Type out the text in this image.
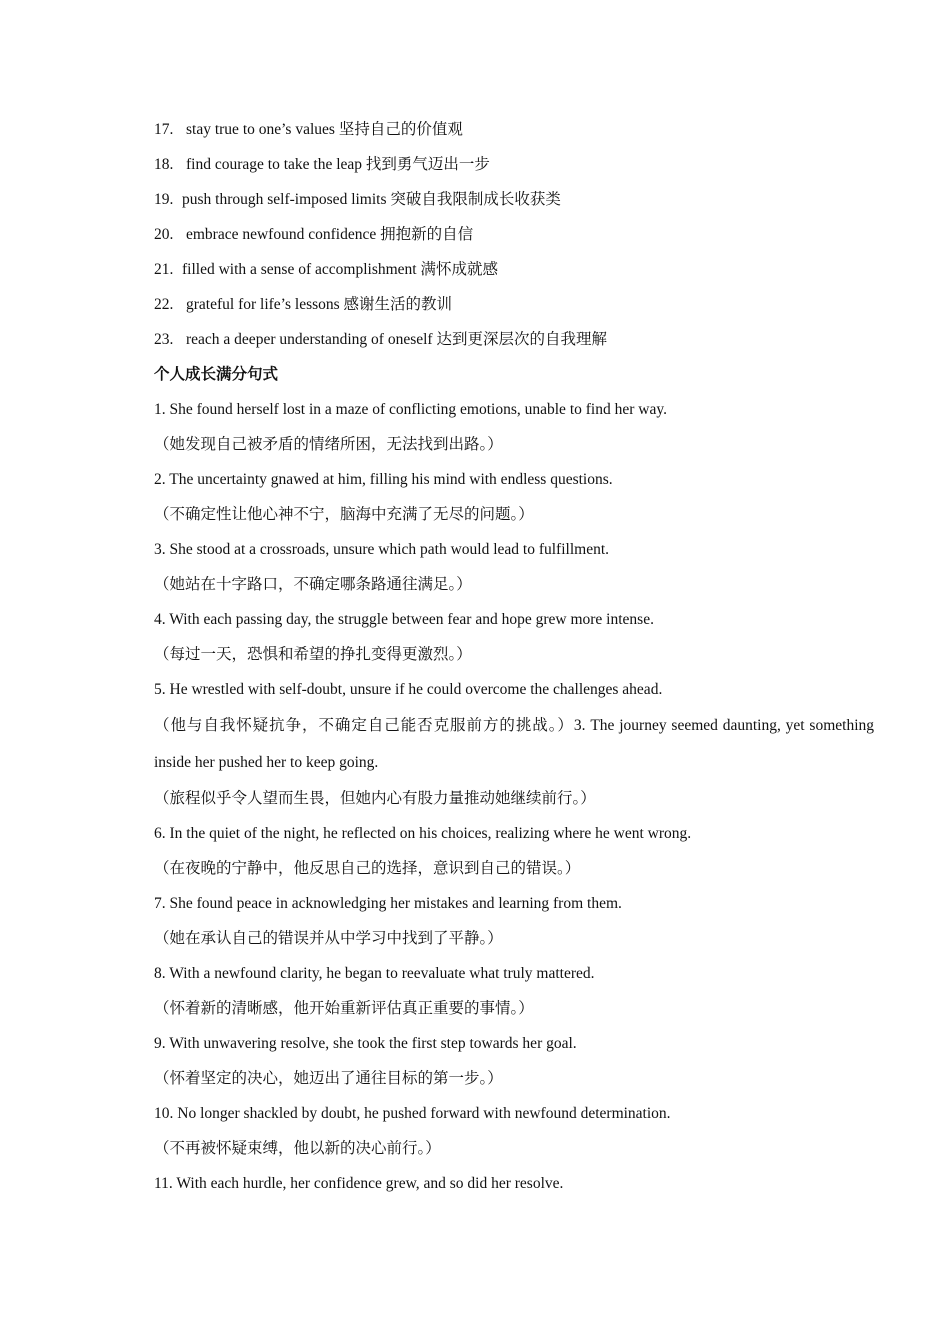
17. stay true to one’s values 坚持自己的价值观
18. find courage to take the leap 找到勇气迈出一步
19. push through self-imposed limits 突破自我限制成长收获类
20. embrace newfound confidence 拥抱新的自信
21. filled with a sense of accomplishment 满怀成就感
22. grateful for life’s lessons 感谢生活的教训
23. reach a deeper understanding of oneself 达到更深层次的自我理解
个人成长满分句式
1. She found herself lost in a maze of conflicting emotions, unable to find her way.
（她发现自己被矛盾的情绪所困，无法找到出路。）
2. The uncertainty gnawed at him, filling his mind with endless questions.
（不确定性让他心神不宁，脑海中充满了无尽的问题。）
3. She stood at a crossroads, unsure which path would lead to fulfillment.
（她站在十字路口，不确定哪条路通往满足。）
4. With each passing day, the struggle between fear and hope grew more intense.
（每过一天，恐惧和希望的挣扎变得更激烈。）
5. He wrestled with self-doubt, unsure if he could overcome the challenges ahead.
（他与自我怀疑抗争，不确定自己能否克服前方的挑战。）3. The journey seemed daunting, yet something inside her pushed her to keep going.
（旅程似乎令人望而生畏，但她内心有股力量推动她继续前行。）
6. In the quiet of the night, he reflected on his choices, realizing where he went wrong.
（在夜晚的宁静中，他反思自己的选择，意识到自己的错误。）
7. She found peace in acknowledging her mistakes and learning from them.
（她在承认自己的错误并从中学习中找到了平静。）
8. With a newfound clarity, he began to reevaluate what truly mattered.
（怀着新的清晰感，他开始重新评估真正重要的事情。）
9. With unwavering resolve, she took the first step towards her goal.
（怀着坚定的决心，她迈出了通往目标的第一步。）
10. No longer shackled by doubt, he pushed forward with newfound determination.
（不再被怀疑束缚，他以新的决心前行。）
11. With each hurdle, her confidence grew, and so did her resolve.
